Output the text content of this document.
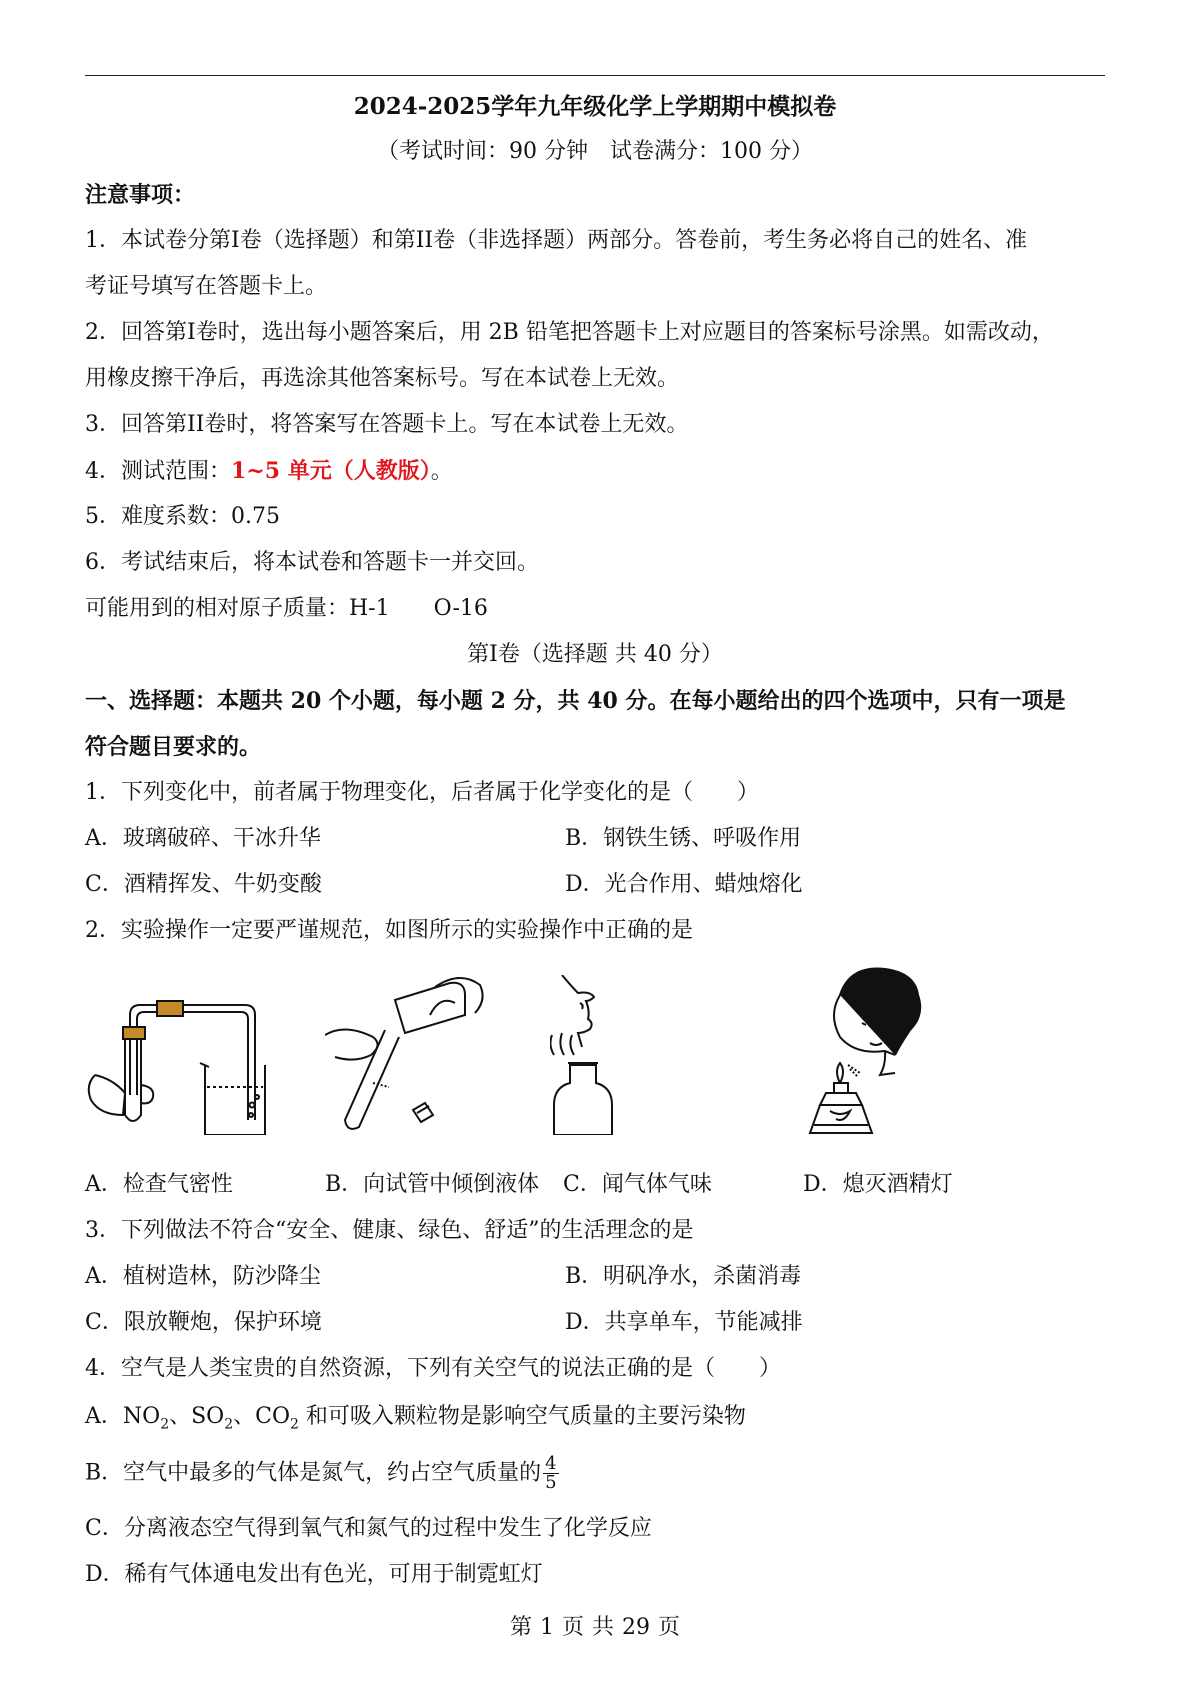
2024-2025学年九年级化学上学期期中模拟卷
（考试时间：90 分钟　试卷满分：100 分）
注意事项：
1．本试卷分第I卷（选择题）和第II卷（非选择题）两部分。答卷前，考生务必将自己的姓名、准
考证号填写在答题卡上。
2．回答第I卷时，选出每小题答案后，用 2B 铅笔把答题卡上对应题目的答案标号涂黑。如需改动，
用橡皮擦干净后，再选涂其他答案标号。写在本试卷上无效。
3．回答第II卷时，将答案写在答题卡上。写在本试卷上无效。
4．测试范围：1~5 单元（人教版）。
5．难度系数：0.75
6．考试结束后，将本试卷和答题卡一并交回。
可能用到的相对原子质量：H-1　　O-16
第I卷（选择题 共 40 分）
一、选择题：本题共 20 个小题，每小题 2 分，共 40 分。在每小题给出的四个选项中，只有一项是
符合题目要求的。
1．下列变化中，前者属于物理变化，后者属于化学变化的是（　　）
A．玻璃破碎、干冰升华	B．钢铁生锈、呼吸作用
C．酒精挥发、牛奶变酸	D．光合作用、蜡烛熔化
2．实验操作一定要严谨规范，如图所示的实验操作中正确的是
A．检查气密性	B．向试管中倾倒液体 C．闻气体气味	D．熄灭酒精灯
3．下列做法不符合“安全、健康、绿色、舒适”的生活理念的是
A．植树造林，防沙降尘	B．明矾净水，杀菌消毒
C．限放鞭炮，保护环境	D．共享单车，节能减排
4．空气是人类宝贵的自然资源，下列有关空气的说法正确的是（　　）
A．$NO_2$、$SO_2$、$CO_2$ 和可吸入颗粒物是影响空气质量的主要污染物
B．空气中最多的气体是氮气，约占空气质量的 $\frac{4}{5}$
C．分离液态空气得到氧气和氮气的过程中发生了化学反应
D．稀有气体通电发出有色光，可用于制霓虹灯
第 1 页 共 29 页
